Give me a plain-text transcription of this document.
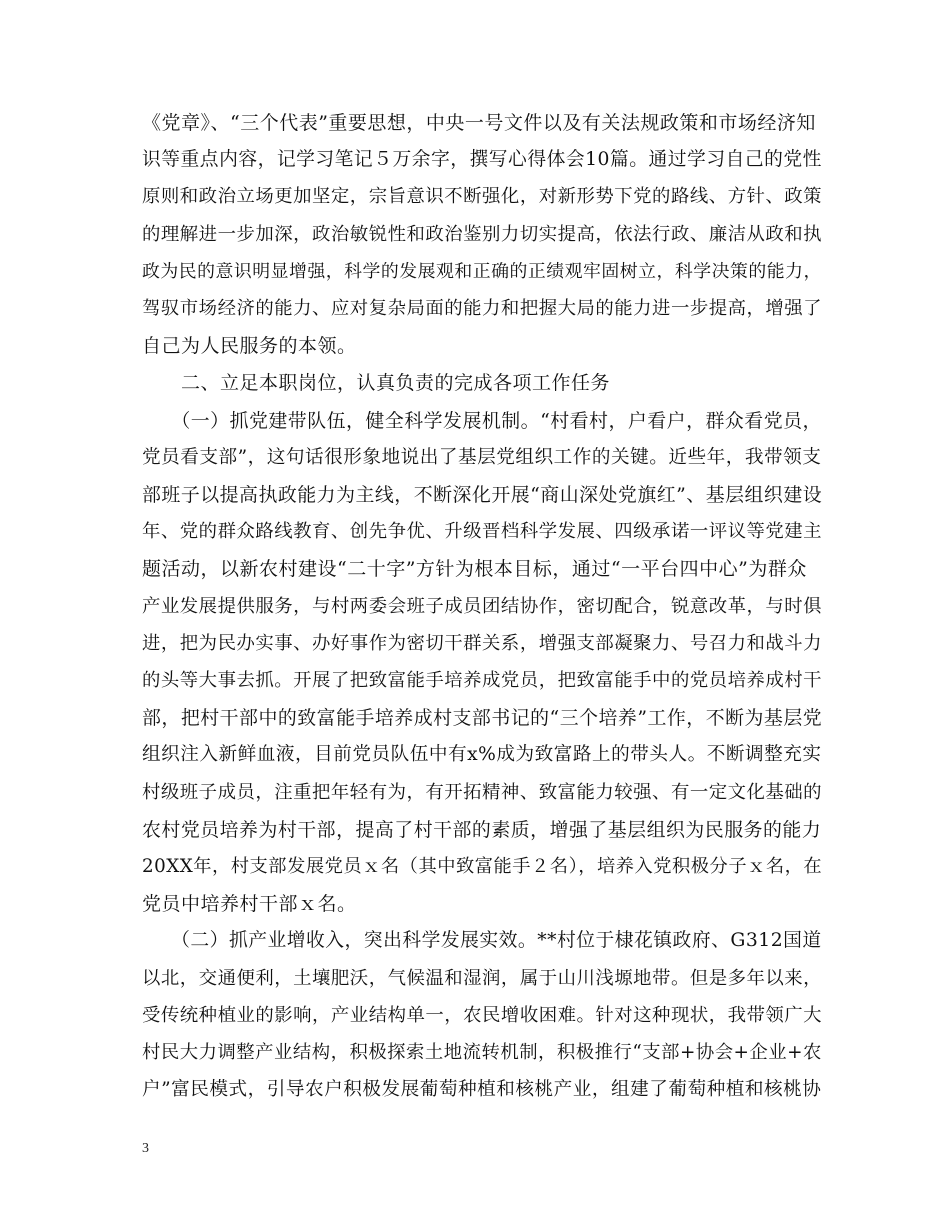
《党章》、“三个代表”重要思想，中央一号文件以及有关法规政策和市场经济知
识等重点内容，记学习笔记５万余字，撰写心得体会10篇。通过学习自己的党性
原则和政治立场更加坚定，宗旨意识不断强化，对新形势下党的路线、方针、政策
的理解进一步加深，政治敏锐性和政治鉴别力切实提高，依法行政、廉洁从政和执
政为民的意识明显增强，科学的发展观和正确的正绩观牢固树立，科学决策的能力，
驾驭市场经济的能力、应对复杂局面的能力和把握大局的能力进一步提高，增强了
自己为人民服务的本领。
　　二、立足本职岗位，认真负责的完成各项工作任务
　　（一）抓党建带队伍，健全科学发展机制。“村看村，户看户，群众看党员，
党员看支部”，这句话很形象地说出了基层党组织工作的关键。近些年，我带领支
部班子以提高执政能力为主线，不断深化开展“商山深处党旗红”、基层组织建设
年、党的群众路线教育、创先争优、升级晋档科学发展、四级承诺一评议等党建主
题活动，以新农村建设“二十字”方针为根本目标，通过“一平台四中心”为群众
产业发展提供服务，与村两委会班子成员团结协作，密切配合，锐意改革，与时俱
进，把为民办实事、办好事作为密切干群关系，增强支部凝聚力、号召力和战斗力
的头等大事去抓。开展了把致富能手培养成党员，把致富能手中的党员培养成村干
部，把村干部中的致富能手培养成村支部书记的“三个培养”工作，不断为基层党
组织注入新鲜血液，目前党员队伍中有x%成为致富路上的带头人。不断调整充实
村级班子成员，注重把年轻有为，有开拓精神、致富能力较强、有一定文化基础的
农村党员培养为村干部，提高了村干部的素质，增强了基层组织为民服务的能力
20XX年，村支部发展党员ｘ名（其中致富能手２名），培养入党积极分子ｘ名，在
党员中培养村干部ｘ名。
　　（二）抓产业增收入，突出科学发展实效。**村位于棣花镇政府、G312国道
以北，交通便利，土壤肥沃，气候温和湿润，属于山川浅塬地带。但是多年以来，
受传统种植业的影响，产业结构单一，农民增收困难。针对这种现状，我带领广大
村民大力调整产业结构，积极探索土地流转机制，积极推行“支部+协会+企业+农
户”富民模式，引导农户积极发展葡萄种植和核桃产业，组建了葡萄种植和核桃协
3
